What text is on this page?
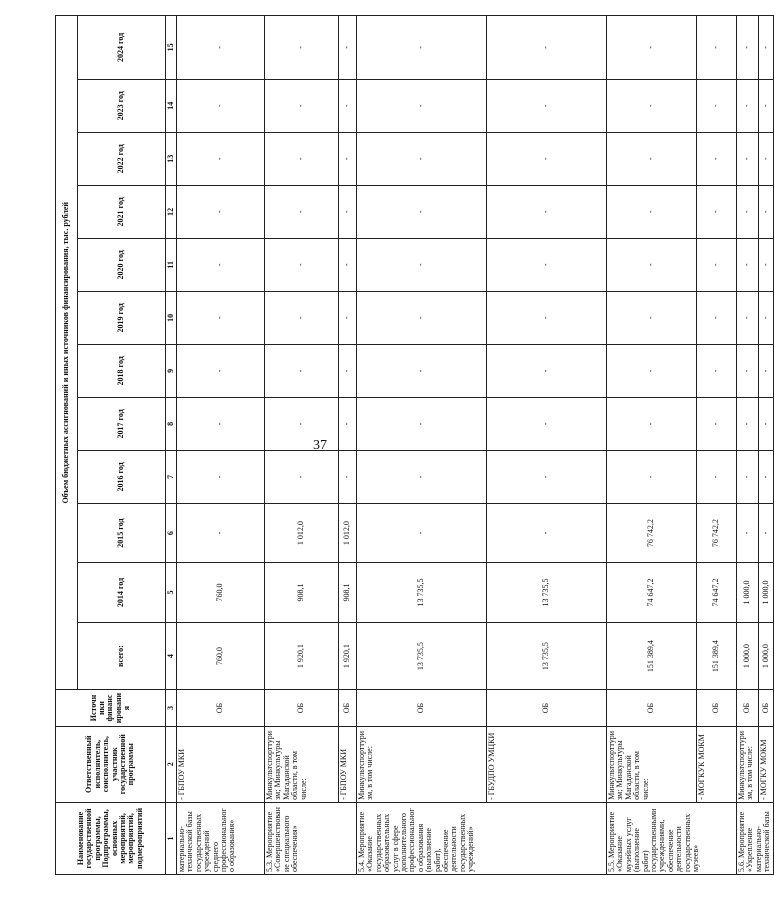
37
Наименование государственной программы, Подпрограммы, основных мероприятий, мероприятий, подмероприятий	Ответственный исполнитель, соисполнитель, участник государственной программы	Источники финансирования	Объем бюджетных ассигнований и иных источников финансирования, тыс. рублей											
			всего:	2014 год	2015 год	2016 год	2017 год	2018 год	2019 год	2020 год	2021 год	2022 год	2023 год	2024 год
1	2	3	4	5	6	7	8	9	10	11	12	13	14	15
материально-технической базы государственных учреждений среднего профессионального образования»	- ГБПОУ МКИ	ОБ	760,0	760,0	-	-	-	-	-	-	-	-	-	-
5.3. Мероприятие «Совершенствование специального обеспечения»	Минкультспорттуризм; Минкультуры Магаданской области, в том числе:	ОБ	1 920,1	908,1	1 012,0	-	-	-	-	-	-	-	-	-
	- ГБПОУ МКИ	ОБ	1 920,1	908,1	1 012,0	-	-	-	-	-	-	-	-	-
5.4. Мероприятие «Оказание государственных образовательных услуг в сфере дополнительного профессионального образования (выполнение работ), обеспечение деятельности государственных учреждений»	Минкультспорттуризм, в том числе:	ОБ	13 735,5	13 735,5	-	-	-	-	-	-	-	-	-	-
	- ГБУДПО УМЦКИ	ОБ	13 735,5	13 735,5	-	-	-	-	-	-	-	-	-	-
5.5. Мероприятие «Оказание музейных услуг (выполнение работ) государственными учреждениями, обеспечение деятельности государственных музеев»	Минкультспорттуризм; Минкультуры Магаданской области, в том числе:	ОБ	151 389,4	74 647,2	76 742,2	-	-	-	-	-	-	-	-	-
	- МОГКУК МОКМ	ОБ	151 389,4	74 647,2	76 742,2	-	-	-	-	-	-	-	-	-
5.6. Мероприятие «Укрепление материально-технической базы	Минкультспорттуризм, в том числе:	ОБ	1 000,0	1 000,0	-	-	-	-	-	-	-	-	-	-
	- МОГКУ МОКМ	ОБ	1 000,0	1 000,0	-	-	-	-	-	-	-	-	-	-
